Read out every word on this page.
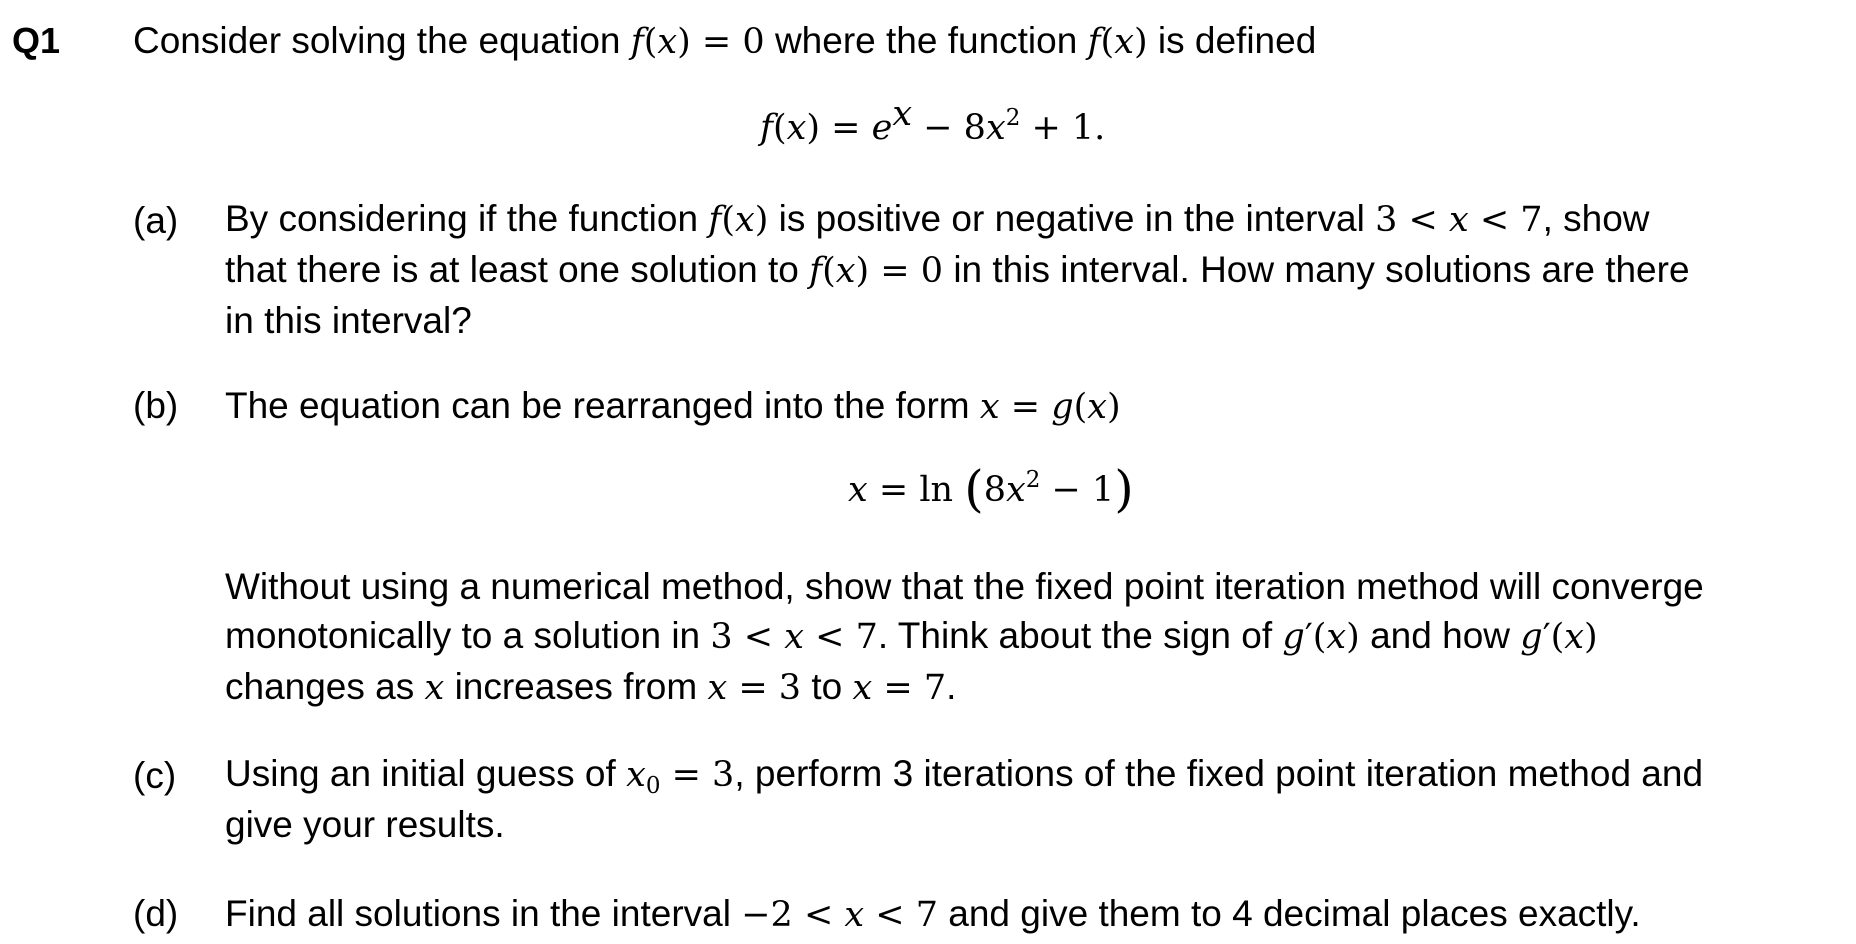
Q1 Consider solving the equation f(x) = 0 where the function f(x) is defined
$f(x) = e^x - 8x^2 + 1$.
(a) By considering if the function f(x) is positive or negative in the interval 3 < x < 7, show
that there is at least one solution to f(x) = 0 in this interval. How many solutions are there
in this interval?
(b) The equation can be rearranged into the form x = g(x)
$x = \ln (8x^2 - 1)$
Without using a numerical method, show that the fixed point iteration method will converge
monotonically to a solution in 3 < x < 7. Think about the sign of g′(x) and how g′(x)
changes as x increases from x = 3 to x = 7.
(c) Using an initial guess of $x_0 = 3$, perform 3 iterations of the fixed point iteration method and
give your results.
(d) Find all solutions in the interval −2 < x < 7 and give them to 4 decimal places exactly.
